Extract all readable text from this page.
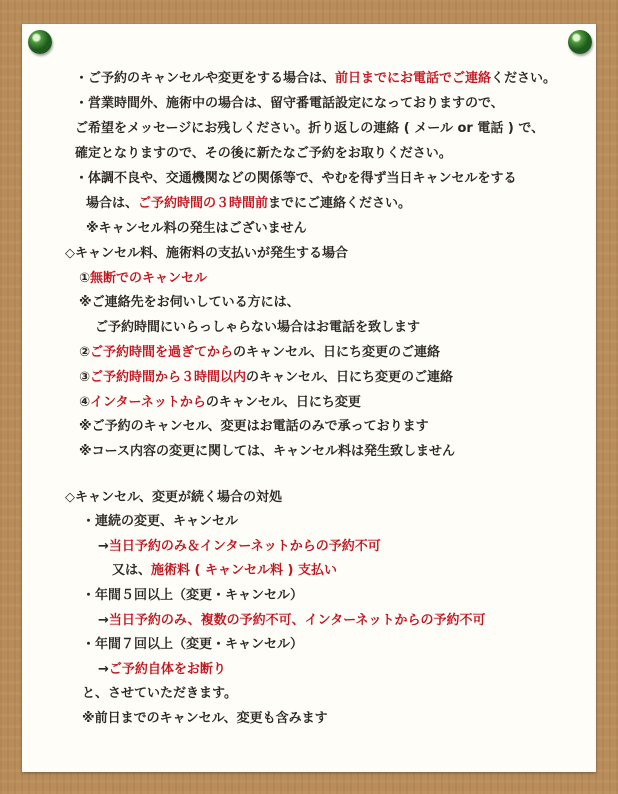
・ご予約のキャンセルや変更をする場合は、前日までにお電話でご連絡ください。
・営業時間外、施術中の場合は、留守番電話設定になっておりますので、
ご希望をメッセージにお残しください。折り返しの連絡 ( メール or 電話 ) で、
確定となりますので、その後に新たなご予約をお取りください。
・体調不良や、交通機関などの関係等で、やむを得ず当日キャンセルをする
場合は、ご予約時間の３時間前までにご連絡ください。
※キャンセル料の発生はございません
◇キャンセル料、施術料の支払いが発生する場合
①無断でのキャンセル
※ご連絡先をお伺いしている方には、
ご予約時間にいらっしゃらない場合はお電話を致します
②ご予約時間を過ぎてからのキャンセル、日にち変更のご連絡
③ご予約時間から３時間以内のキャンセル、日にち変更のご連絡
④インターネットからのキャンセル、日にち変更
※ご予約のキャンセル、変更はお電話のみで承っております
※コース内容の変更に関しては、キャンセル料は発生致しません
◇キャンセル、変更が続く場合の対処
・連続の変更、キャンセル
→当日予約のみ＆インターネットからの予約不可
又は、施術料 ( キャンセル料 ) 支払い
・年間５回以上（変更・キャンセル）
→当日予約のみ、複数の予約不可、インターネットからの予約不可
・年間７回以上（変更・キャンセル）
→ご予約自体をお断り
と、させていただきます。
※前日までのキャンセル、変更も含みます
